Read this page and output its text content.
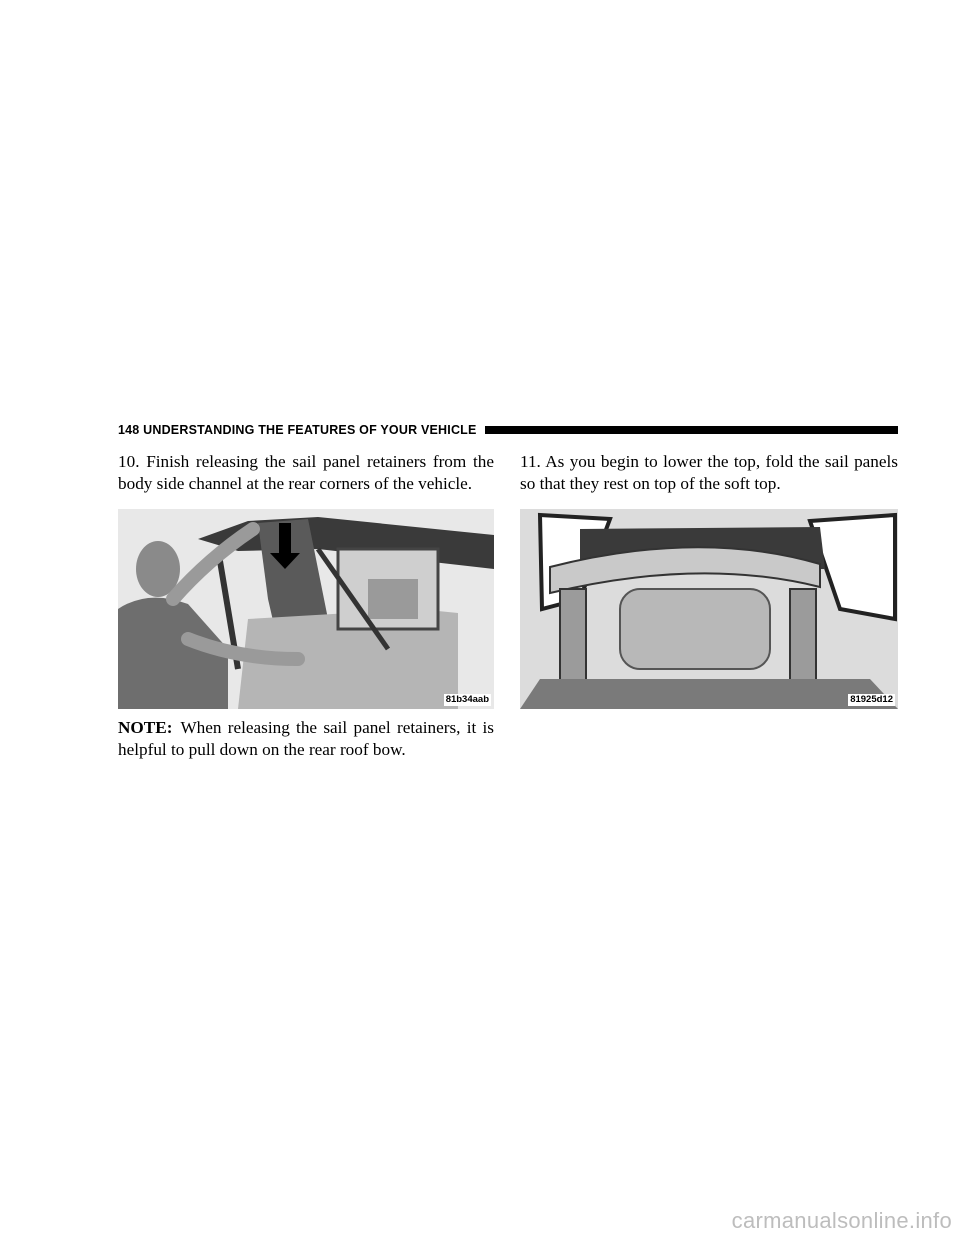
148 UNDERSTANDING THE FEATURES OF YOUR VEHICLE
10. Finish releasing the sail panel retainers from the body side channel at the rear corners of the vehicle.
81b34aab
NOTE: When releasing the sail panel retainers, it is helpful to pull down on the rear roof bow.
11. As you begin to lower the top, fold the sail panels so that they rest on top of the soft top.
81925d12
carmanualsonline.info
